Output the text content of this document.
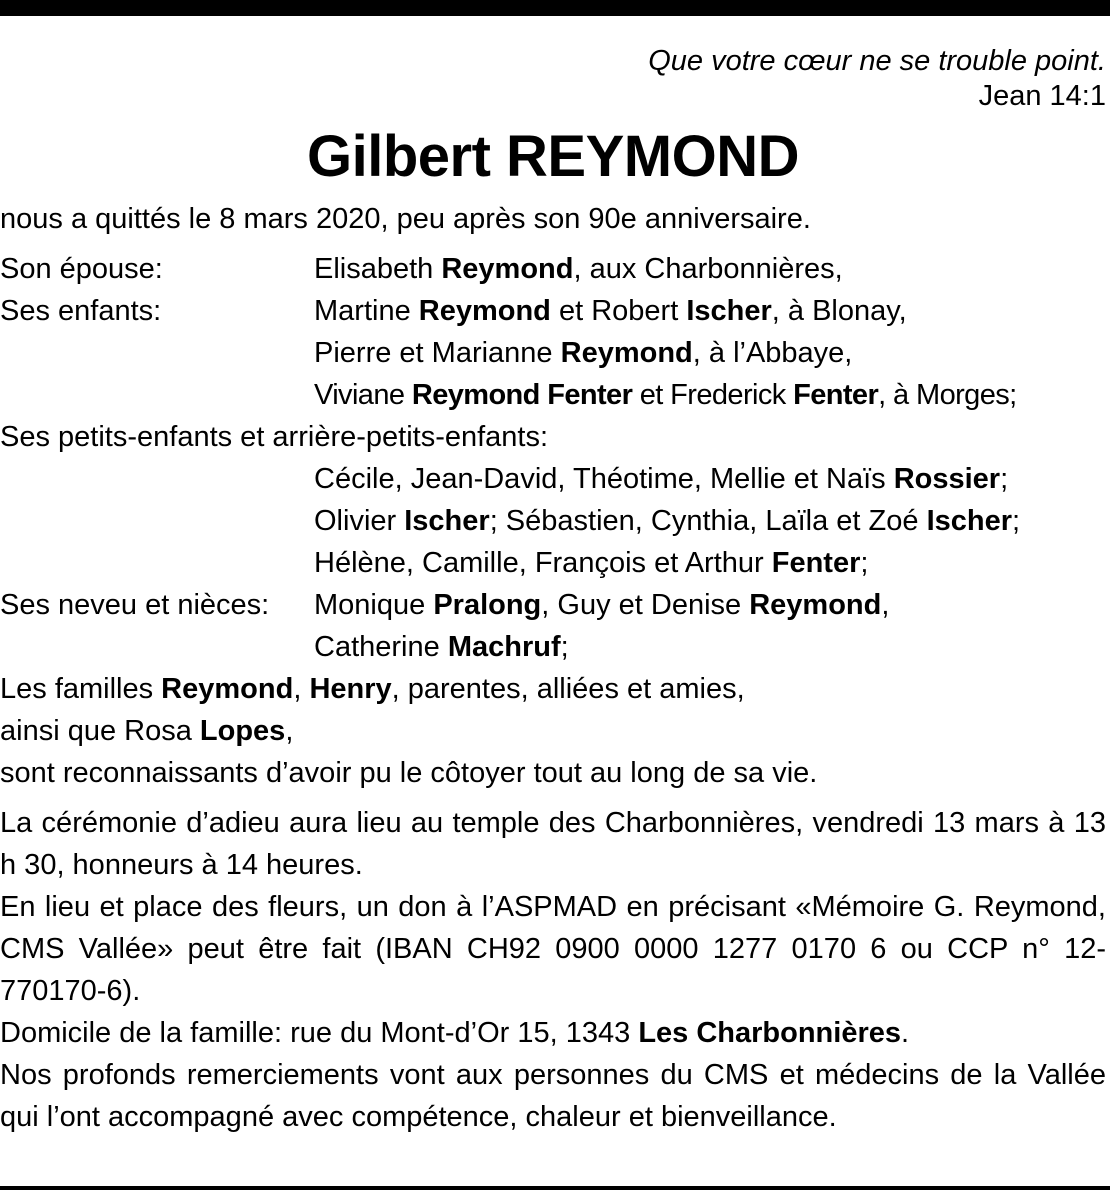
Que votre cœur ne se trouble point.
Jean 14:1
Gilbert REYMOND
nous a quittés le 8 mars 2020, peu après son 90e anniversaire.
Son épouse:	Elisabeth Reymond, aux Charbonnières,
Ses enfants:	Martine Reymond et Robert Ischer, à Blonay,
Pierre et Marianne Reymond, à l’Abbaye,
Viviane Reymond Fenter et Frederick Fenter, à Morges;
Ses petits-enfants et arrière-petits-enfants:
Cécile, Jean-David, Théotime, Mellie et Naïs Rossier;
Olivier Ischer; Sébastien, Cynthia, Laïla et Zoé Ischer;
Hélène, Camille, François et Arthur Fenter;
Ses neveu et nièces:	Monique Pralong, Guy et Denise Reymond,
Catherine Machruf;
Les familles Reymond, Henry, parentes, alliées et amies,
ainsi que Rosa Lopes,
sont reconnaissants d’avoir pu le côtoyer tout au long de sa vie.
La cérémonie d’adieu aura lieu au temple des Charbonnières, vendredi 13 mars à 13 h 30, honneurs à 14 heures.
En lieu et place des fleurs, un don à l’ASPMAD en précisant «Mémoire G. Reymond, CMS Vallée» peut être fait (IBAN CH92 0900 0000 1277 0170 6 ou CCP n° 12-770170-6).
Domicile de la famille: rue du Mont-d’Or 15, 1343 Les Charbonnières.
Nos profonds remerciements vont aux personnes du CMS et médecins de la Vallée qui l’ont accompagné avec compétence, chaleur et bienveillance.
